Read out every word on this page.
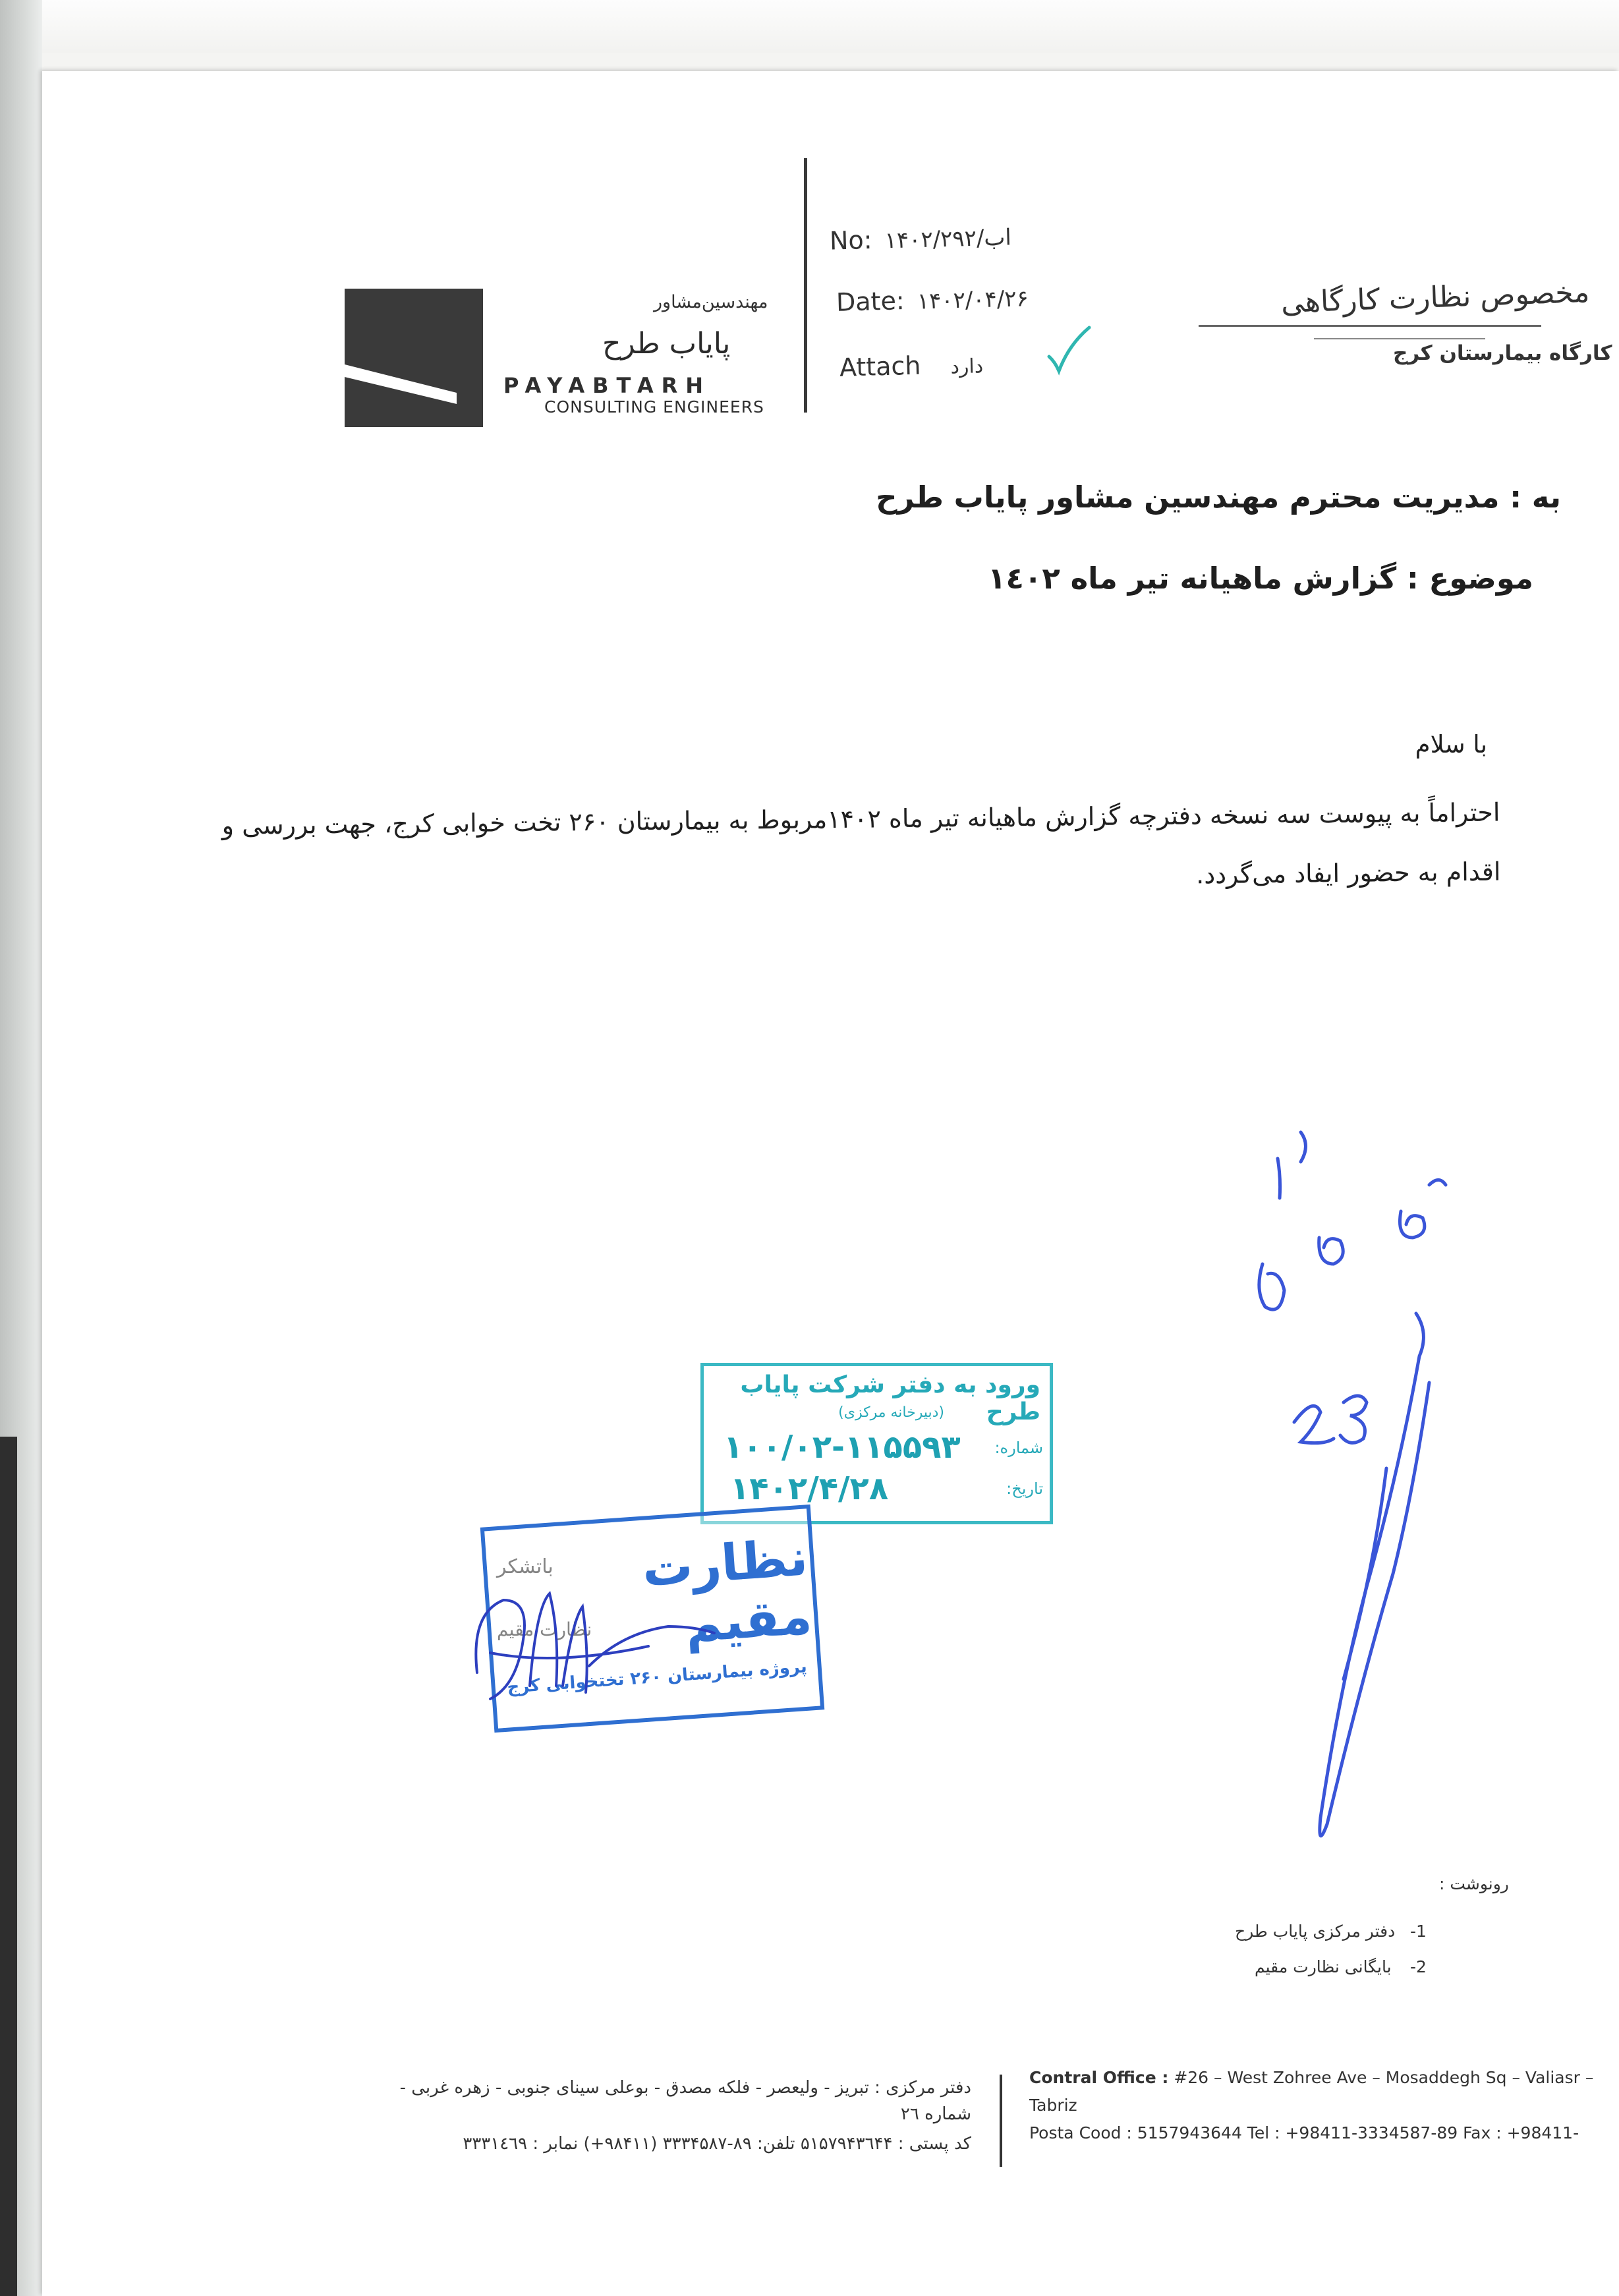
مهندسین‌مشاور
پایاب طرح
PAYABTARH
CONSULTING ENGINEERS
No: ۱۴۰۲/اب/۲۹۲
Date: ۱۴۰۲/۰۴/۲۶
Attach دارد
مخصوص نظارت کارگاهی
کارگاه بیمارستان کرج
به : مدیریت محترم مهندسین مشاور پایاب طرح
موضوع : گزارش ماهیانه تیر ماه ۱٤۰۲
با سلام
احتراماً به پیوست سه نسخه دفترچه گزارش ماهیانه تیر ماه ۱۴۰۲مربوط به بیمارستان ۲۶۰ تخت خوابی کرج، جهت بررسی و اقدام به حضور ایفاد می‌گردد.
ورود به دفتر شرکت پایاب طرح
(دبیرخانه مرکزی)
شماره:
۱۰۰/۰۲-۱۱۵۵۹۳
تاریخ:
۱۴۰۲/۴/۲۸
باتشکر
نظارت مقیم
نظارت مقیم
پروژه بیمارستان ۲۶۰ تختخوابی کرج
رونوشت :
-1
دفتر مرکزی پایاب طرح
-2
بایگانی نظارت مقیم
دفتر مرکزی : تبریز - ولیعصر - فلکه مصدق - بوعلی سینای جنوبی - زهره غربی -
شماره ۲٦
کد پستی : ۵۱۵۷۹۴۳٦۴۴ تلفن: ۸۹-۳۳۳۴۵۸۷ (۹۸۴۱۱+) نمابر : ۳۳۳۱٤٦۹
Contral Office : #26 – West Zohree Ave – Mosaddegh Sq – Valiasr –
Tabriz
Posta Cood : 5157943644 Tel : +98411-3334587-89 Fax : +98411-
